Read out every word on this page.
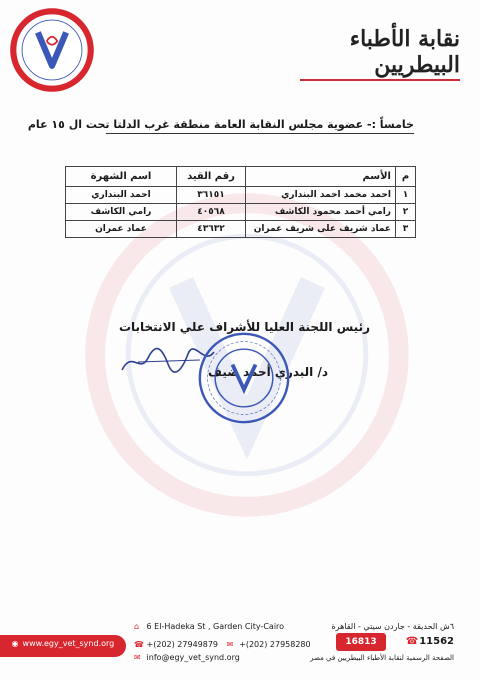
نقابة الأطباء البيطريين
خامساً :- عضوية مجلس النقابة العامة منطقة غرب الدلتا تحت ال ١٥ عام
م	الأسم	رقم القيد	اسم الشهرة
١	احمد محمد احمد البنداري	٣٦١٥١	احمد البنداري
٢	رامي أحمد محمود الكاشف	٤٠٥٦٨	رامي الكاشف
٣	عماد شريف على شريف عمران	٤٣٦٣٢	عماد عمران
رئيس اللجنة العليا للأشراف علي الانتخابات
د/ البدري أحمد ضيف
◉ www.egy_vet_synd.org
⌂ 6 El-Hadeka St , Garden City-Cairo
☎ +(202) 27949879 ✉ +(202) 27958280
✉ info@egy_vet_synd.org
٦ش الحديقة - جاردن سيتي - القاهرة
16813	☎ 11562
الصفحة الرسمية لنقابة الأطباء البيطريين في مصر
